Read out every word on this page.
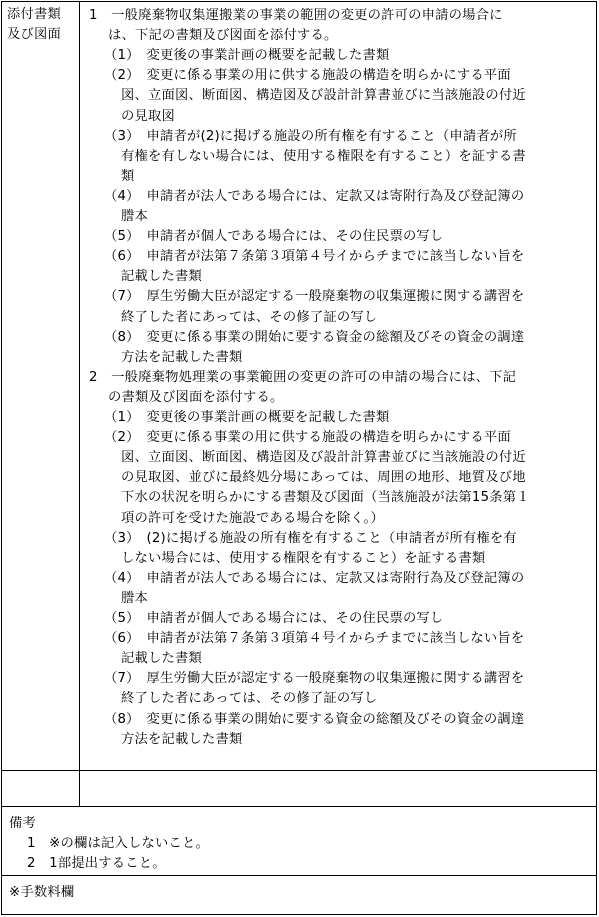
添付書類
及び図面
1　一般廃棄物収集運搬業の事業の範囲の変更の許可の申請の場合に
は、下記の書類及び図面を添付する。
（1）　変更後の事業計画の概要を記載した書類
（2）　変更に係る事業の用に供する施設の構造を明らかにする平面
図、立面図、断面図、構造図及び設計計算書並びに当該施設の付近
の見取図
（3）　申請者が(2)に掲げる施設の所有権を有すること（申請者が所
有権を有しない場合には、使用する権限を有すること）を証する書
類
（4）　申請者が法人である場合には、定款又は寄附行為及び登記簿の
謄本
（5）　申請者が個人である場合には、その住民票の写し
（6）　申請者が法第７条第３項第４号イからチまでに該当しない旨を
記載した書類
（7）　厚生労働大臣が認定する一般廃棄物の収集運搬に関する講習を
終了した者にあっては、その修了証の写し
（8）　変更に係る事業の開始に要する資金の総額及びその資金の調達
方法を記載した書類
2　一般廃棄物処理業の事業範囲の変更の許可の申請の場合には、下記
の書類及び図面を添付する。
（1）　変更後の事業計画の概要を記載した書類
（2）　変更に係る事業の用に供する施設の構造を明らかにする平面
図、立面図、断面図、構造図及び設計計算書並びに当該施設の付近
の見取図、並びに最終処分場にあっては、周囲の地形、地質及び地
下水の状況を明らかにする書類及び図面（当該施設が法第15条第１
項の許可を受けた施設である場合を除く。）
（3）　(2)に掲げる施設の所有権を有すること（申請者が所有権を有
しない場合には、使用する権限を有すること）を証する書類
（4）　申請者が法人である場合には、定款又は寄附行為及び登記簿の
謄本
（5）　申請者が個人である場合には、その住民票の写し
（6）　申請者が法第７条第３項第４号イからチまでに該当しない旨を
記載した書類
（7）　厚生労働大臣が認定する一般廃棄物の収集運搬に関する講習を
終了した者にあっては、その修了証の写し
（8）　変更に係る事業の開始に要する資金の総額及びその資金の調達
方法を記載した書類
備考
1　※の欄は記入しないこと。
2　1部提出すること。
※手数料欄
